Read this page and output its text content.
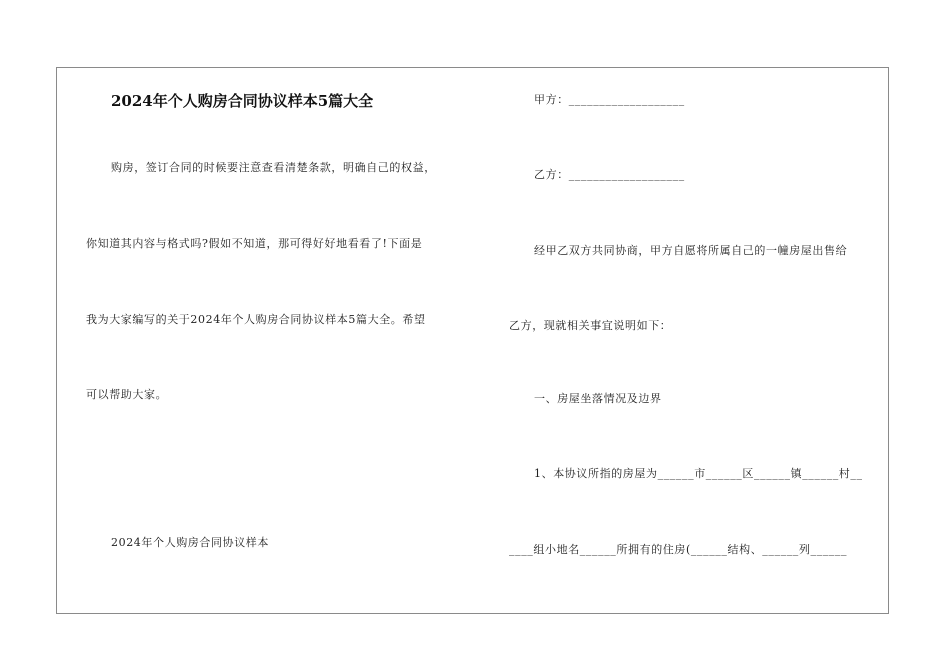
2024年个人购房合同协议样本5篇大全
购房，签订合同的时候要注意查看清楚条款，明确自己的权益，
你知道其内容与格式吗?假如不知道，那可得好好地看看了!下面是
我为大家编写的关于2024年个人购房合同协议样本5篇大全。希望
可以帮助大家。
2024年个人购房合同协议样本
甲方：___________________
乙方：___________________
经甲乙双方共同协商，甲方自愿将所属自己的一幢房屋出售给
乙方，现就相关事宜说明如下：
一、房屋坐落情况及边界
1、本协议所指的房屋为______市______区______镇______村__
____组小地名______所拥有的住房(______结构、______列______
